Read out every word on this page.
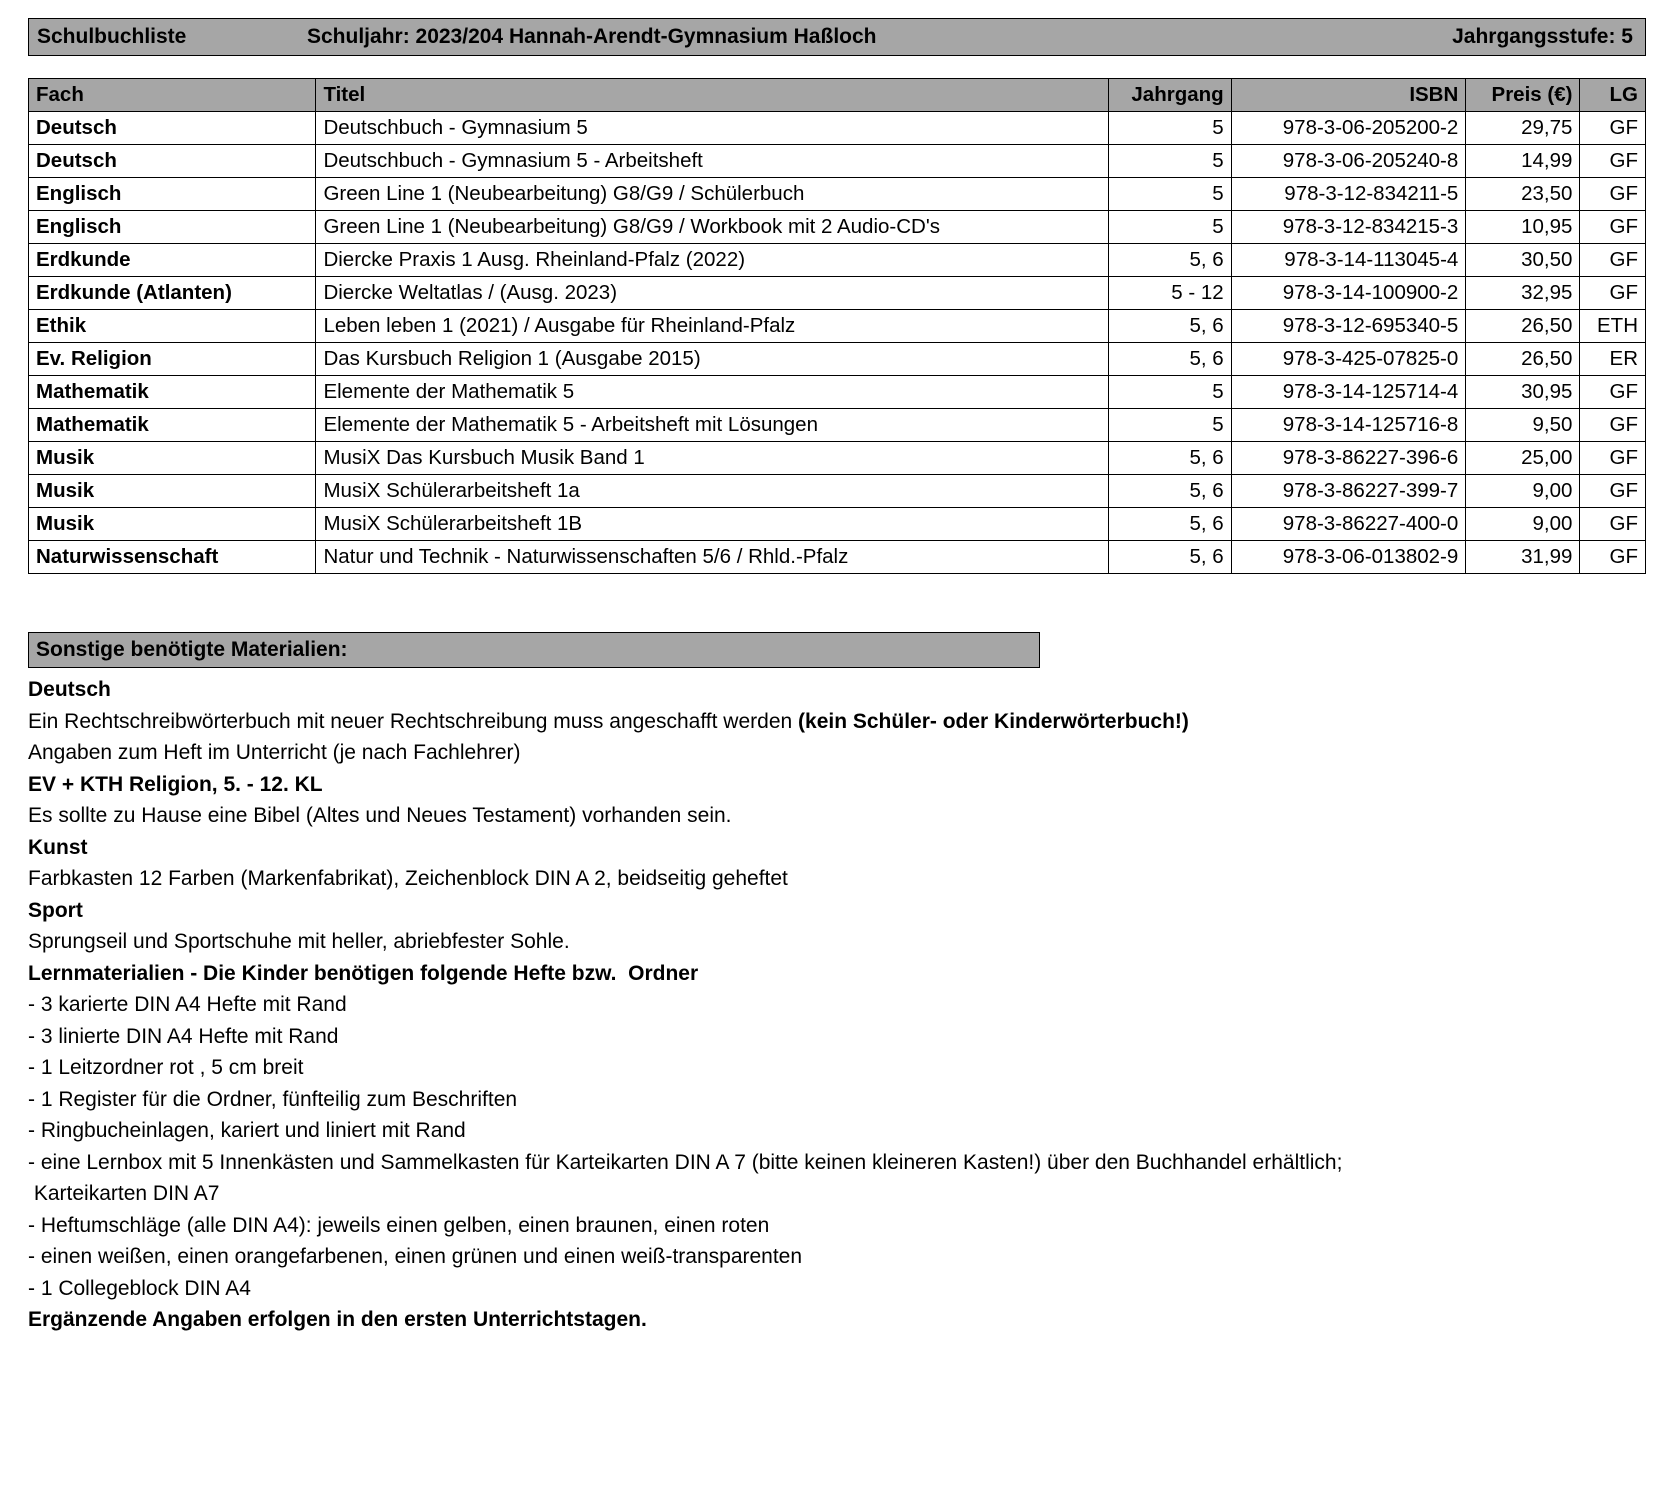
Schulbuchliste	Schuljahr: 2023/204 Hannah-Arendt-Gymnasium Haßloch	Jahrgangsstufe: 5
Fach	Titel	Jahrgang	ISBN	Preis (€)	LG
Deutsch	Deutschbuch - Gymnasium 5	5	978-3-06-205200-2	29,75	GF
Deutsch	Deutschbuch - Gymnasium 5 - Arbeitsheft	5	978-3-06-205240-8	14,99	GF
Englisch	Green Line 1 (Neubearbeitung) G8/G9 / Schülerbuch	5	978-3-12-834211-5	23,50	GF
Englisch	Green Line 1 (Neubearbeitung) G8/G9 / Workbook mit 2 Audio-CD's	5	978-3-12-834215-3	10,95	GF
Erdkunde	Diercke Praxis 1 Ausg. Rheinland-Pfalz (2022)	5, 6	978-3-14-113045-4	30,50	GF
Erdkunde (Atlanten)	Diercke Weltatlas / (Ausg. 2023)	5 - 12	978-3-14-100900-2	32,95	GF
Ethik	Leben leben 1 (2021) / Ausgabe für Rheinland-Pfalz	5, 6	978-3-12-695340-5	26,50	ETH
Ev. Religion	Das Kursbuch Religion 1 (Ausgabe 2015)	5, 6	978-3-425-07825-0	26,50	ER
Mathematik	Elemente der Mathematik 5	5	978-3-14-125714-4	30,95	GF
Mathematik	Elemente der Mathematik 5 - Arbeitsheft mit Lösungen	5	978-3-14-125716-8	9,50	GF
Musik	MusiX Das Kursbuch Musik Band 1	5, 6	978-3-86227-396-6	25,00	GF
Musik	MusiX Schülerarbeitsheft 1a	5, 6	978-3-86227-399-7	9,00	GF
Musik	MusiX Schülerarbeitsheft 1B	5, 6	978-3-86227-400-0	9,00	GF
Naturwissenschaft	Natur und Technik - Naturwissenschaften 5/6 / Rhld.-Pfalz	5, 6	978-3-06-013802-9	31,99	GF
Sonstige benötigte Materialien:
Deutsch
Ein Rechtschreibwörterbuch mit neuer Rechtschreibung muss angeschafft werden (kein Schüler- oder Kinderwörterbuch!)
Angaben zum Heft im Unterricht (je nach Fachlehrer)
EV + KTH Religion, 5. - 12. KL
Es sollte zu Hause eine Bibel (Altes und Neues Testament) vorhanden sein.
Kunst
Farbkasten 12 Farben (Markenfabrikat), Zeichenblock DIN A 2, beidseitig geheftet
Sport
Sprungseil und Sportschuhe mit heller, abriebfester Sohle.
Lernmaterialien - Die Kinder benötigen folgende Hefte bzw.  Ordner
- 3 karierte DIN A4 Hefte mit Rand
- 3 linierte DIN A4 Hefte mit Rand
- 1 Leitzordner rot , 5 cm breit
- 1 Register für die Ordner, fünfteilig zum Beschriften
- Ringbucheinlagen, kariert und liniert mit Rand
- eine Lernbox mit 5 Innenkästen und Sammelkasten für Karteikarten DIN A 7 (bitte keinen kleineren Kasten!) über den Buchhandel erhältlich;
Karteikarten DIN A7
- Heftumschläge (alle DIN A4): jeweils einen gelben, einen braunen, einen roten
- einen weißen, einen orangefarbenen, einen grünen und einen weiß-transparenten
- 1 Collegeblock DIN A4
Ergänzende Angaben erfolgen in den ersten Unterrichtstagen.
